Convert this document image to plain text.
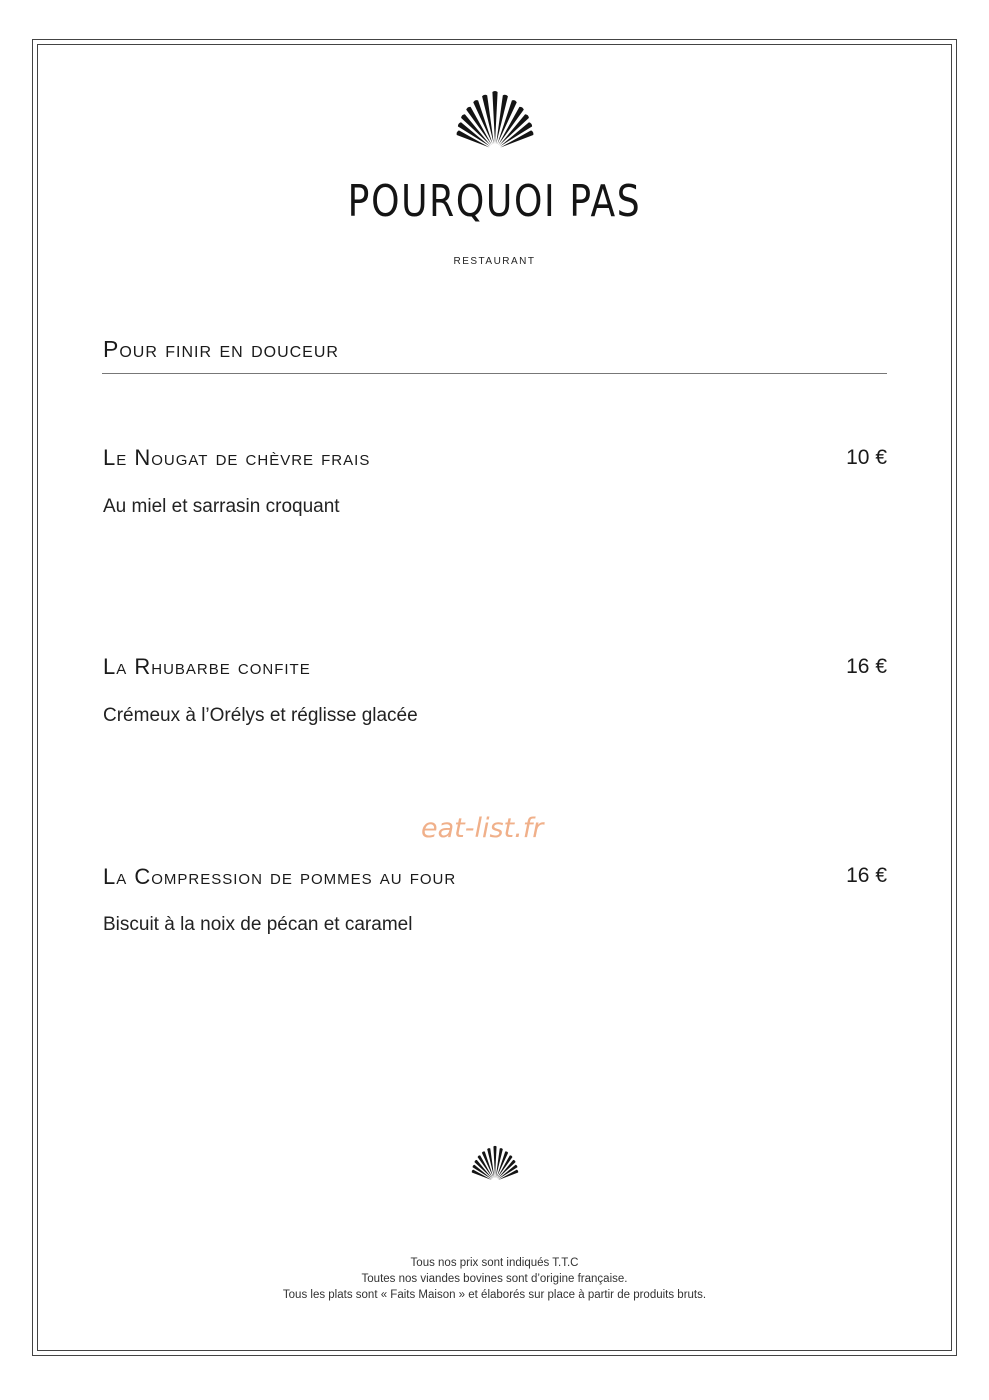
POURQUOI PAS
RESTAURANT
Pour finir en douceur
Le Nougat de chèvre frais	10 €
Au miel et sarrasin croquant
La Rhubarbe confite	16 €
Crémeux à l’Orélys et réglisse glacée
eat-list.fr
La Compression de pommes au four	16 €
Biscuit à la noix de pécan et caramel
Tous nos prix sont indiqués T.T.C
Toutes nos viandes bovines sont d’origine française.
Tous les plats sont « Faits Maison » et élaborés sur place à partir de produits bruts.
